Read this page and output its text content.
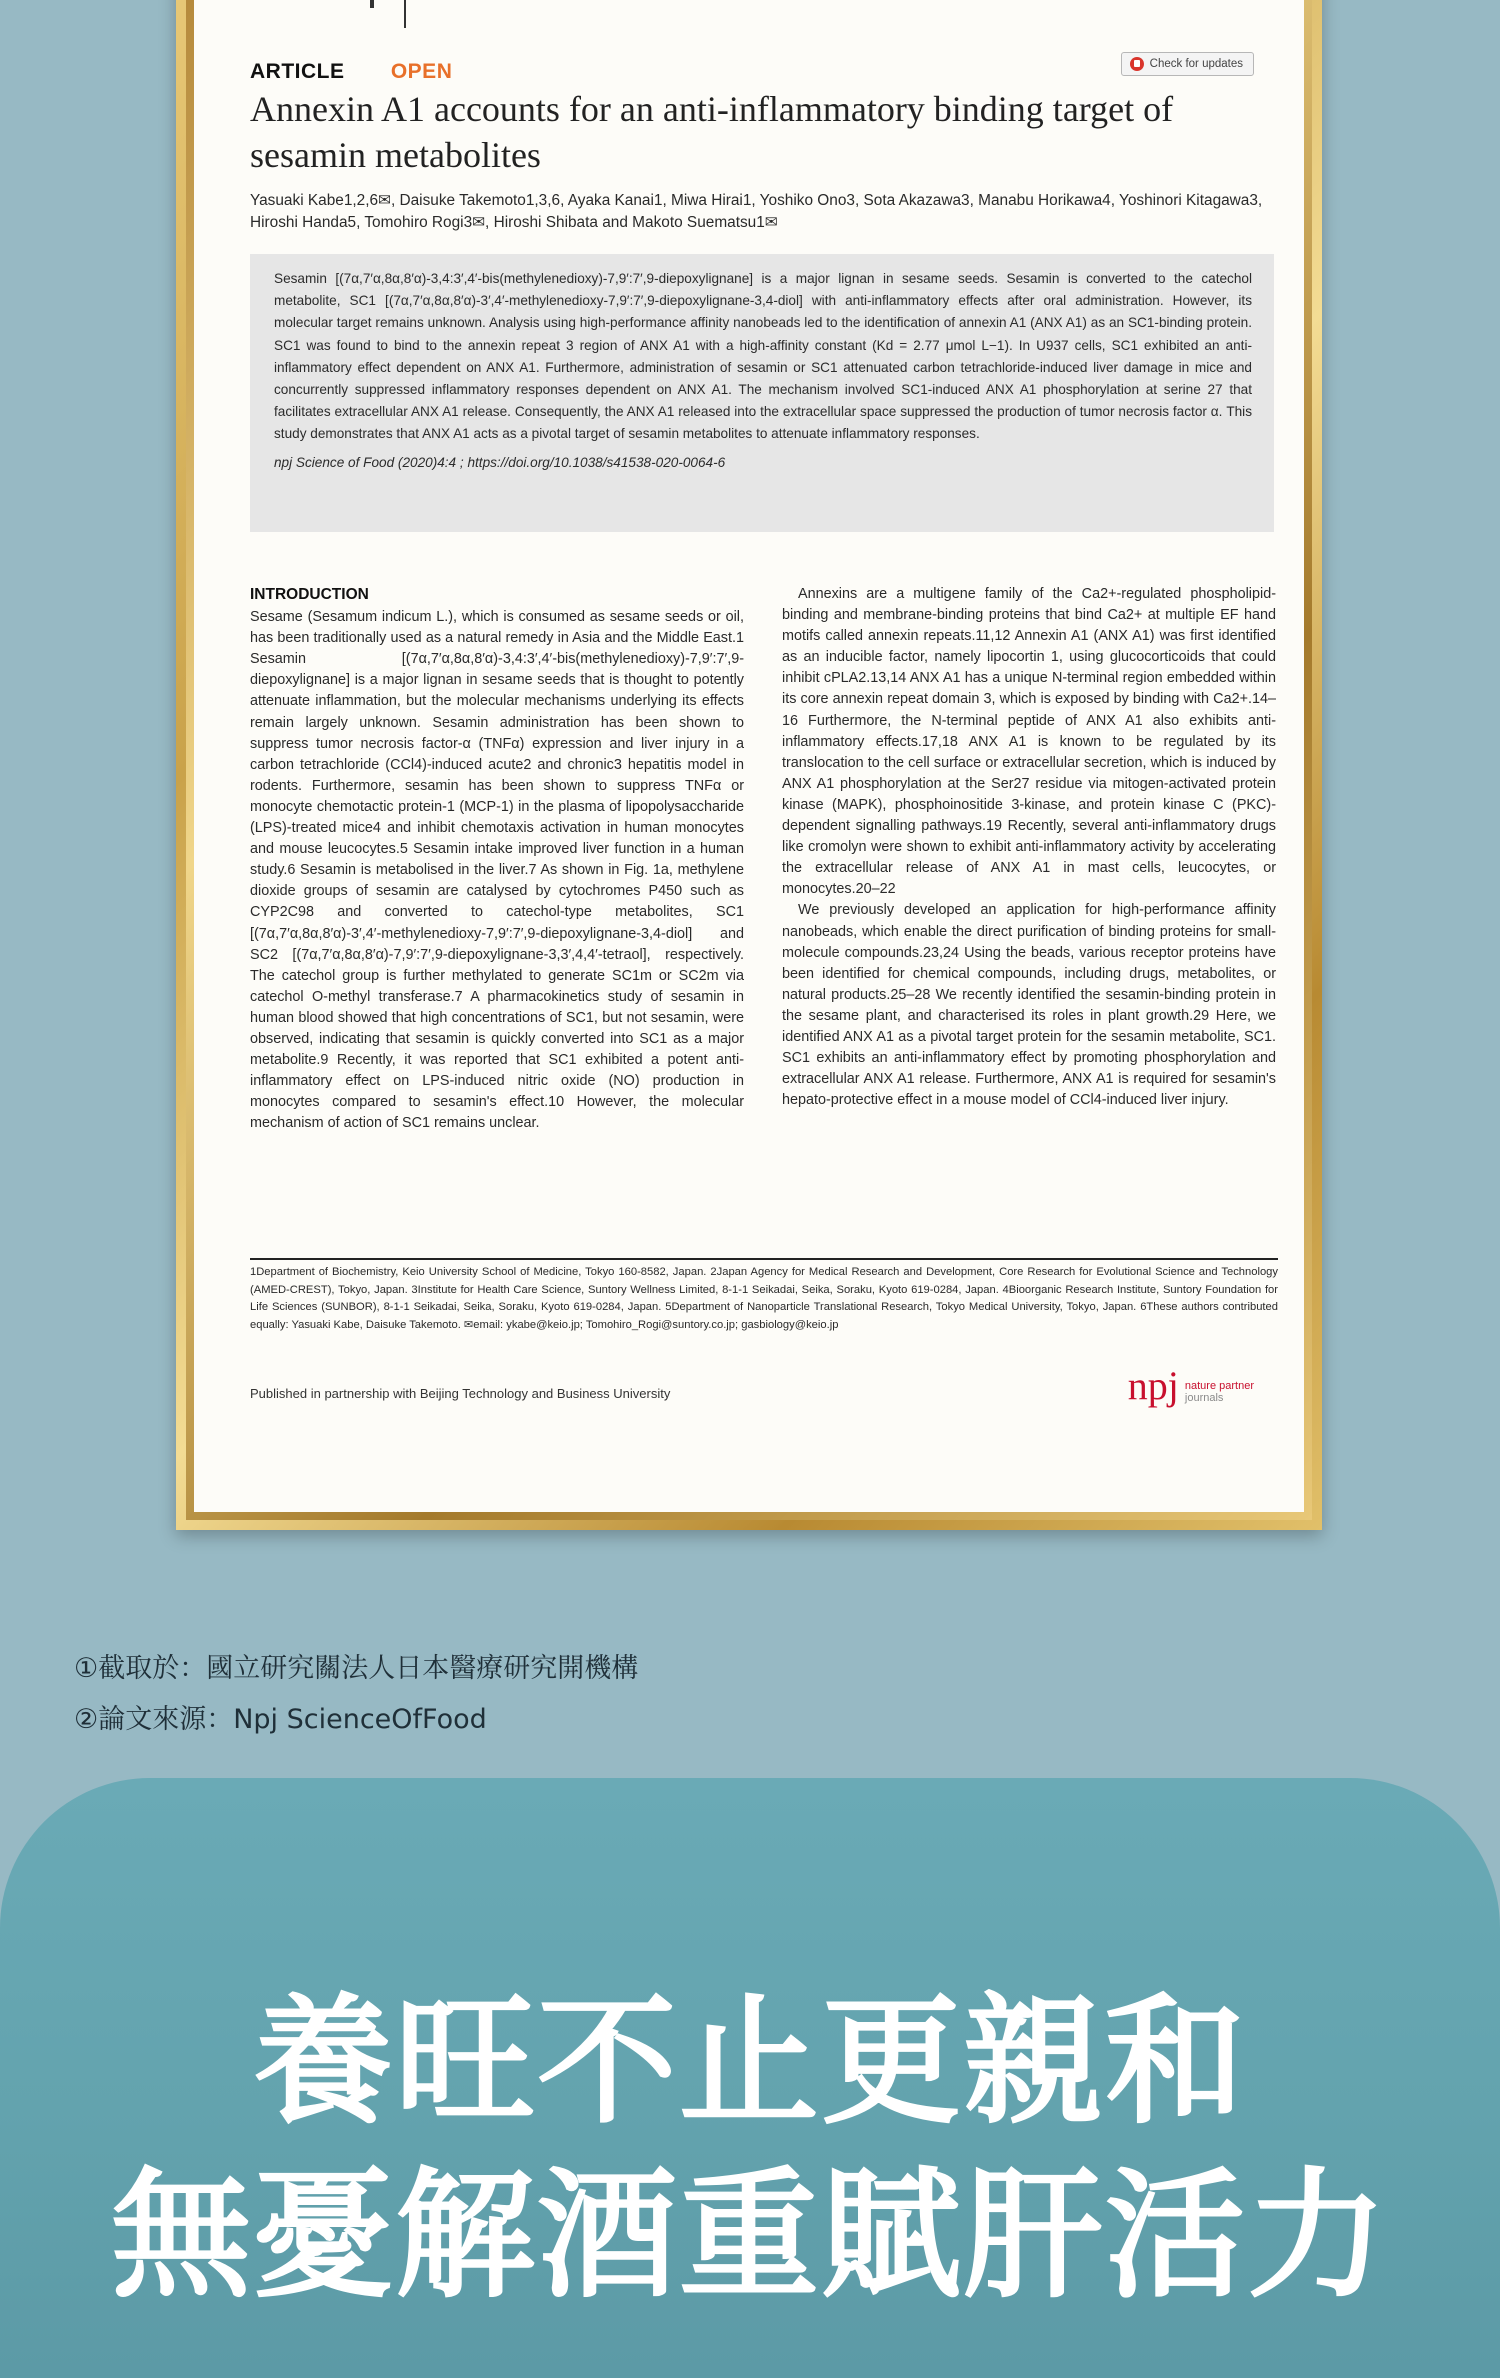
ARTICLE OPEN	Check for updates
Annexin A1 accounts for an anti-inflammatory binding target of sesamin metabolites

Yasuaki Kabe1,2,6✉, Daisuke Takemoto1,3,6, Ayaka Kanai1, Miwa Hirai1, Yoshiko Ono3, Sota Akazawa3, Manabu Horikawa4, Yoshinori Kitagawa3, Hiroshi Handa5, Tomohiro Rogi3✉, Hiroshi Shibata and Makoto Suematsu1✉

Sesamin [(7α,7′α,8α,8′α)-3,4:3′,4′-bis(methylenedioxy)-7,9′:7′,9-diepoxylignane] is a major lignan in sesame seeds. Sesamin is converted to the catechol metabolite, SC1 [(7α,7′α,8α,8′α)-3′,4′-methylenedioxy-7,9′:7′,9-diepoxylignane-3,4-diol] with anti-inflammatory effects after oral administration. However, its molecular target remains unknown. Analysis using high-performance affinity nanobeads led to the identification of annexin A1 (ANX A1) as an SC1-binding protein. SC1 was found to bind to the annexin repeat 3 region of ANX A1 with a high-affinity constant (Kd = 2.77 μmol L−1). In U937 cells, SC1 exhibited an anti-inflammatory effect dependent on ANX A1. Furthermore, administration of sesamin or SC1 attenuated carbon tetrachloride-induced liver damage in mice and concurrently suppressed inflammatory responses dependent on ANX A1. The mechanism involved SC1-induced ANX A1 phosphorylation at serine 27 that facilitates extracellular ANX A1 release. Consequently, the ANX A1 released into the extracellular space suppressed the production of tumor necrosis factor α. This study demonstrates that ANX A1 acts as a pivotal target of sesamin metabolites to attenuate inflammatory responses.

npj Science of Food (2020)4:4 ; https://doi.org/10.1038/s41538-020-0064-6

INTRODUCTION

Sesame (Sesamum indicum L.), which is consumed as sesame seeds or oil, has been traditionally used as a natural remedy in Asia and the Middle East.1 Sesamin [(7α,7′α,8α,8′α)-3,4:3′,4′-bis(methylenedioxy)-7,9′:7′,9-diepoxylignane] is a major lignan in sesame seeds that is thought to potently attenuate inflammation, but the molecular mechanisms underlying its effects remain largely unknown. Sesamin administration has been shown to suppress tumor necrosis factor-α (TNFα) expression and liver injury in a carbon tetrachloride (CCl4)-induced acute2 and chronic3 hepatitis model in rodents. Furthermore, sesamin has been shown to suppress TNFα or monocyte chemotactic protein-1 (MCP-1) in the plasma of lipopolysaccharide (LPS)-treated mice4 and inhibit chemotaxis activation in human monocytes and mouse leucocytes.5 Sesamin intake improved liver function in a human study.6 Sesamin is metabolised in the liver.7 As shown in Fig. 1a, methylene dioxide groups of sesamin are catalysed by cytochromes P450 such as CYP2C98 and converted to catechol-type metabolites, SC1 [(7α,7′α,8α,8′α)-3′,4′-methylenedioxy-7,9′:7′,9-diepoxylignane-3,4-diol] and SC2 [(7α,7′α,8α,8′α)-7,9′:7′,9-diepoxylignane-3,3′,4,4′-tetraol], respectively. The catechol group is further methylated to generate SC1m or SC2m via catechol O-methyl transferase.7 A pharmacokinetics study of sesamin in human blood showed that high concentrations of SC1, but not sesamin, were observed, indicating that sesamin is quickly converted into SC1 as a major metabolite.9 Recently, it was reported that SC1 exhibited a potent anti-inflammatory effect on LPS-induced nitric oxide (NO) production in monocytes compared to sesamin's effect.10 However, the molecular mechanism of action of SC1 remains unclear.

Annexins are a multigene family of the Ca2+-regulated phospholipid-binding and membrane-binding proteins that bind Ca2+ at multiple EF hand motifs called annexin repeats.11,12 Annexin A1 (ANX A1) was first identified as an inducible factor, namely lipocortin 1, using glucocorticoids that could inhibit cPLA2.13,14 ANX A1 has a unique N-terminal region embedded within its core annexin repeat domain 3, which is exposed by binding with Ca2+.14–16 Furthermore, the N-terminal peptide of ANX A1 also exhibits anti-inflammatory effects.17,18 ANX A1 is known to be regulated by its translocation to the cell surface or extracellular secretion, which is induced by ANX A1 phosphorylation at the Ser27 residue via mitogen-activated protein kinase (MAPK), phosphoinositide 3-kinase, and protein kinase C (PKC)-dependent signalling pathways.19 Recently, several anti-inflammatory drugs like cromolyn were shown to exhibit anti-inflammatory activity by accelerating the extracellular release of ANX A1 in mast cells, leucocytes, or monocytes.20–22

We previously developed an application for high-performance affinity nanobeads, which enable the direct purification of binding proteins for small-molecule compounds.23,24 Using the beads, various receptor proteins have been identified for chemical compounds, including drugs, metabolites, or natural products.25–28 We recently identified the sesamin-binding protein in the sesame plant, and characterised its roles in plant growth.29 Here, we identified ANX A1 as a pivotal target protein for the sesamin metabolite, SC1. SC1 exhibits an anti-inflammatory effect by promoting phosphorylation and extracellular ANX A1 release. Furthermore, ANX A1 is required for sesamin's hepato-protective effect in a mouse model of CCl4-induced liver injury.

1Department of Biochemistry, Keio University School of Medicine, Tokyo 160-8582, Japan. 2Japan Agency for Medical Research and Development, Core Research for Evolutional Science and Technology (AMED-CREST), Tokyo, Japan. 3Institute for Health Care Science, Suntory Wellness Limited, 8-1-1 Seikadai, Seika, Soraku, Kyoto 619-0284, Japan. 4Bioorganic Research Institute, Suntory Foundation for Life Sciences (SUNBOR), 8-1-1 Seikadai, Seika, Soraku, Kyoto 619-0284, Japan. 5Department of Nanoparticle Translational Research, Tokyo Medical University, Tokyo, Japan. 6These authors contributed equally: Yasuaki Kabe, Daisuke Takemoto. ✉email: ykabe@keio.jp; Tomohiro_Rogi@suntory.co.jp; gasbiology@keio.jp

Published in partnership with Beijing Technology and Business University	npj nature partner
journals
①截取於：國立研究關法人日本醫療研究開機構
②論文來源：Npj ScienceOfFood

養旺不止更親和

無憂解酒重賦肝活力
